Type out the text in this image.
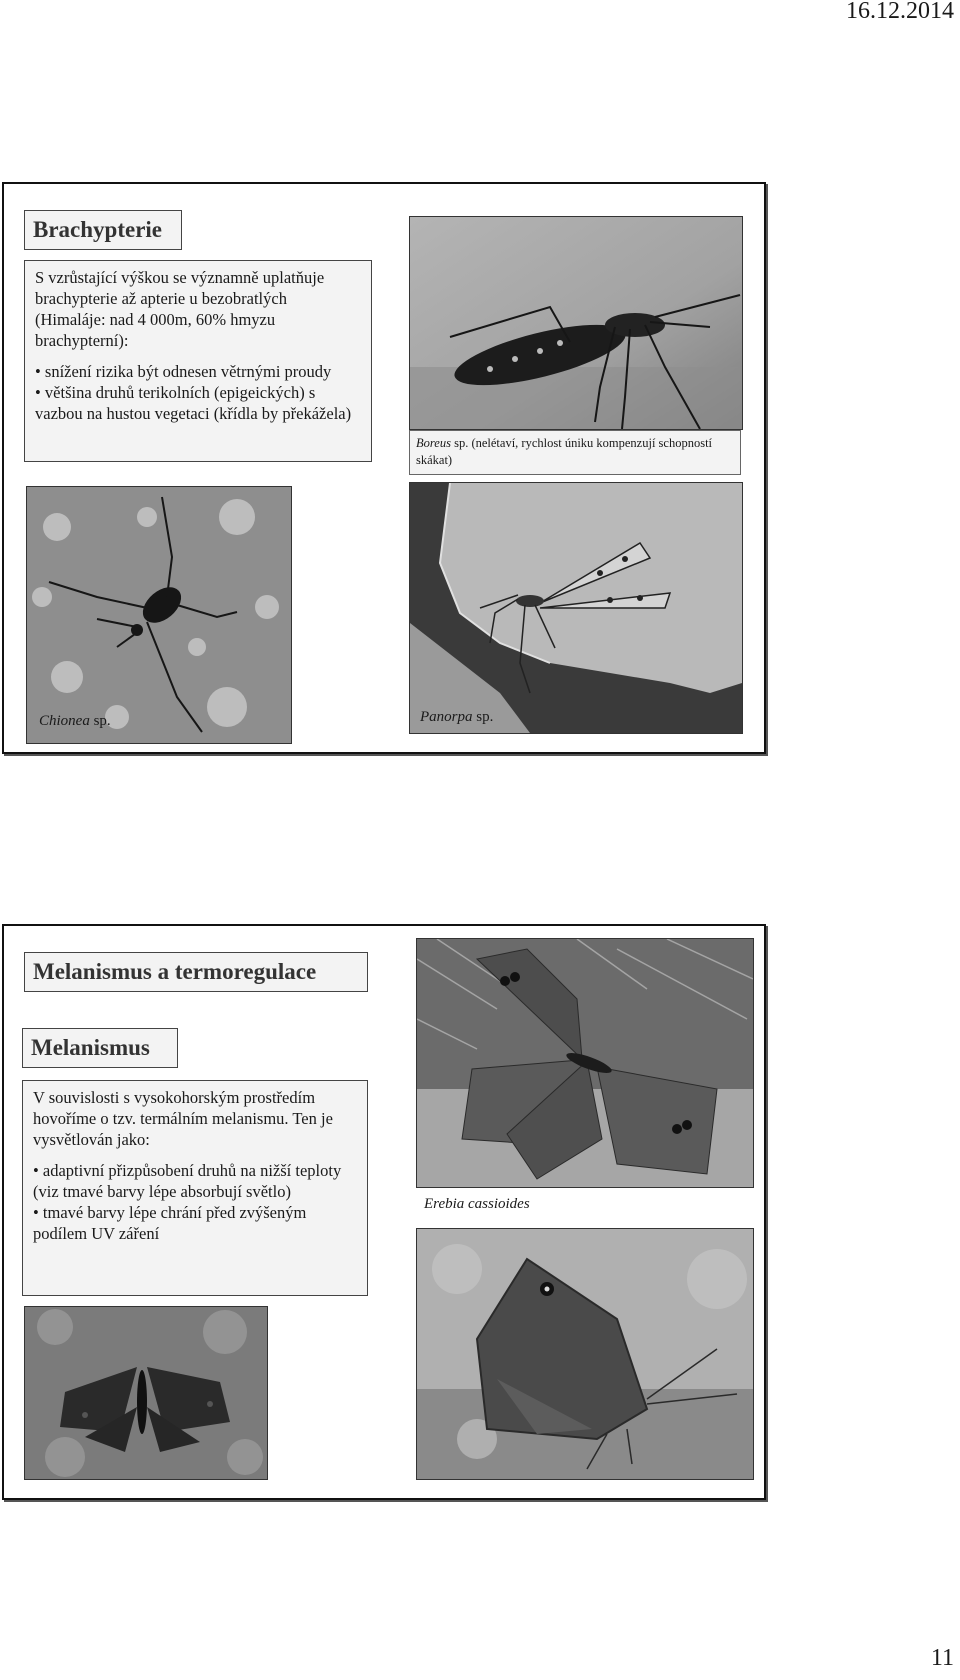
16.12.2014
Brachypterie

S vzrůstající výškou se významně uplatňuje brachypterie až apterie u bezobratlých (Himaláje: nad 4 000m, 60% hmyzu brachypterní):

• snížení rizika být odnesen větrnými proudy
• většina druhů terikolních (epigeických) s vazbou na hustou vegetaci (křídla by překážela)
Boreus sp. (nelétaví, rychlost úniku kompenzují schopností skákat)
Chionea sp.	Panorpa sp.
Melanismus a termoregulace
Melanismus

V souvislosti s vysokohorským prostředím hovoříme o tzv. termálním melanismu. Ten je vysvětlován jako:

• adaptivní přizpůsobení druhů na nižší teploty (viz tmavé barvy lépe absorbují světlo)
• tmavé barvy lépe chrání před zvýšeným podílem UV záření
Erebia cassioides
11
